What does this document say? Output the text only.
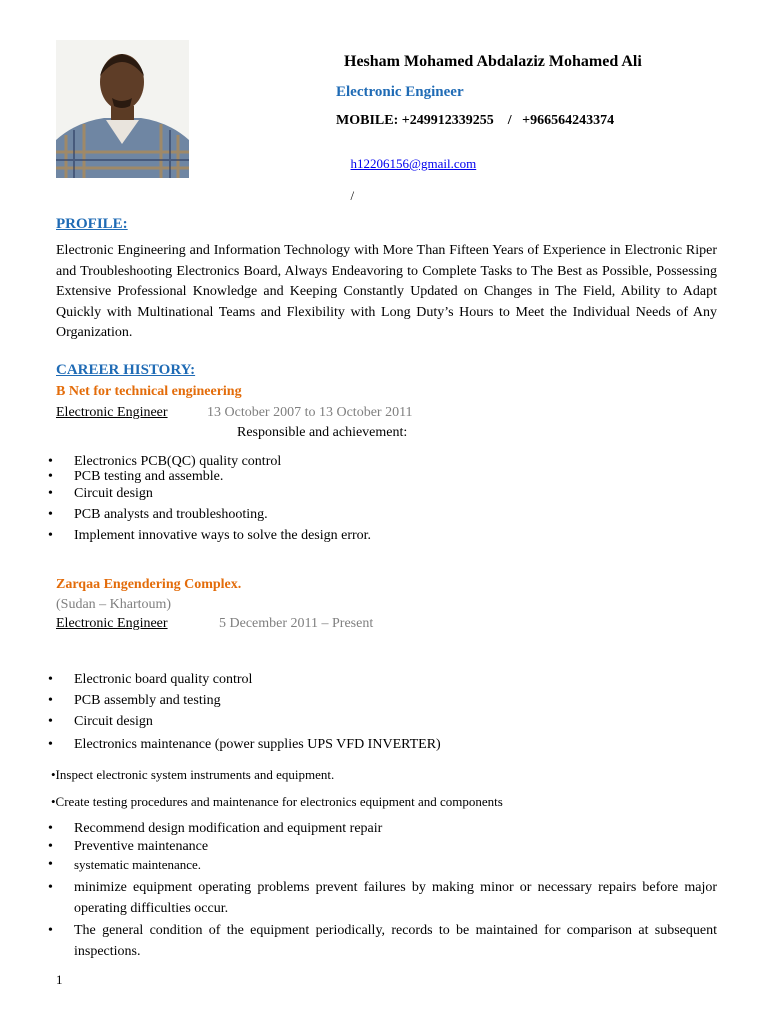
Hesham Mohamed Abdalaziz Mohamed Ali
Electronic Engineer
MOBILE: +249912339255    /   +966564243374

h12206156@gmail.com

/

PROFILE:
Electronic Engineering and Information Technology with More Than Fifteen Years of Experience in Electronic Riper and Troubleshooting Electronics Board, Always Endeavoring to Complete Tasks to The Best as Possible, Possessing Extensive Professional Knowledge and Keeping Constantly Updated on Changes in The Field, Ability to Adapt Quickly with Multinational Teams and Flexibility with Long Duty’s Hours to Meet the Individual Needs of Any Organization.
CAREER HISTORY:
B Net for technical engineering
Electronic Engineer	13 October 2007 to 13 October 2011
Responsible and achievement:
• Electronics PCB(QC) quality control
• PCB testing and assemble.
• Circuit design
• PCB analysts and troubleshooting.
• Implement innovative ways to solve the design error.
Zarqaa Engendering Complex.
(Sudan – Khartoum)
Electronic Engineer	5 December 2011 – Present
• Electronic board quality control
• PCB assembly and testing
• Circuit design
• Electronics maintenance (power supplies UPS VFD INVERTER)
•Inspect electronic system instruments and equipment.
•Create testing procedures and maintenance for electronics equipment and components
• Recommend design modification and equipment repair
• Preventive maintenance
• systematic maintenance.
• minimize equipment operating problems prevent failures by making minor or necessary repairs before major operating difficulties occur.
• The general condition of the equipment periodically, records to be maintained for comparison at subsequent inspections.
1
